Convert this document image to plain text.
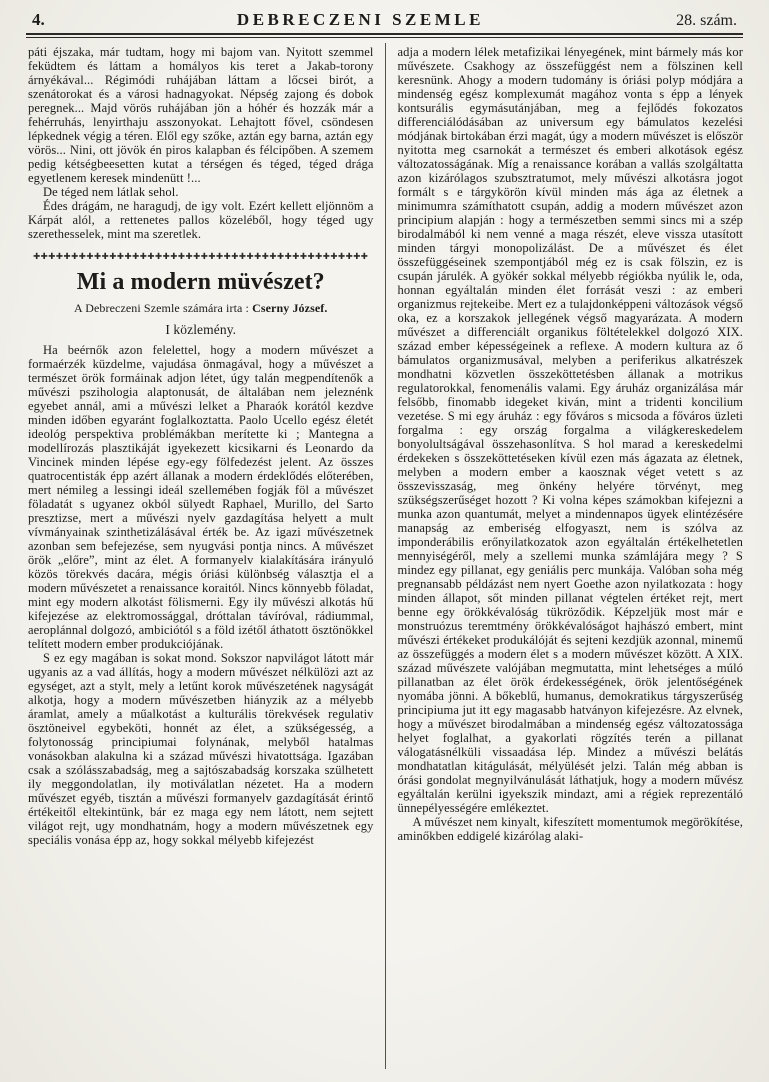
4.	DEBRECZENI SZEMLE	28. szám.

páti éjszaka, már tudtam, hogy mi bajom van. Nyitott szemmel feküdtem és láttam a homályos kis teret a Jakab-torony árnyékával... Régimódi ruhájában láttam a lőcsei birót, a szenátorokat és a városi hadnagyokat. Népség zajong és dobok peregnek... Majd vörös ruhájában jön a hóhér és hozzák már a fehérruhás, lenyirthaju asszonyokat. Lehajtott fővel, csöndesen lépkednek végig a téren. Elől egy szőke, aztán egy barna, aztán egy vörös... Nini, ott jövök én piros kalapban és félcipőben. A szemem pedig kétségbeesetten kutat a térségen és téged, téged drága egyetlenem keresek mindenütt !...

De téged nem látlak sehol.

Édes drágám, ne haragudj, de igy volt. Ezért kellett eljönnöm a Kárpát alól, a rettenetes pallos közeléből, hogy téged ugy szerethesselek, mint ma szeretlek.

✚✚✚✚✚✚✚✚✚✚✚✚✚✚✚✚✚✚✚✚✚✚✚✚✚✚✚✚✚✚✚✚✚✚✚✚✚✚✚✚✚✚✚✚
Mi a modern müvészet?
A Debreczeni Szemle számára irta : Cserny József.
I közlemény.

Ha beérnők azon felelettel, hogy a modern művészet a formaérzék küzdelme, vajudása önmagával, hogy a művészet a természet örök formáinak adjon létet, úgy talán megpendítenők a művészi pszihologia alaptonusát, de általában nem jeleznénk egyebet annál, ami a művészi lelket a Pharaók korától kezdve minden időben egyaránt foglalkoztatta. Paolo Ucello egész életét ideológ perspektiva problémákban merítette ki ; Mantegna a modellírozás plasztikáját igyekezett kicsikarni és Leonardo da Vincinek minden lépése egy-egy fölfedezést jelent. Az összes quatrocentisták épp azért állanak a modern érdeklődés előterében, mert némileg a lessingi ideál szellemében fogják föl a művészet föladatát s ugyanez okból sülyedt Raphael, Murillo, del Sarto presztizse, mert a művészi nyelv gazdagítása helyett a mult vívmányainak szinthetizálásával érték be. Az igazi művészetnek azonban sem befejezése, sem nyugvási pontja nincs. A művészet örök „előre”, mint az élet. A formanyelv kialakítására irányuló közös törekvés dacára, mégis óriási különbség választja el a modern művészetet a renaissance koraitól. Nincs könnyebb föladat, mint egy modern alkotást fölismerni. Egy ily művészi alkotás hű kifejezése az elektromossággal, dróttalan távíróval, rádiummal, aeroplánnal dolgozó, ambiciótól s a föld izétől áthatott ösztönökkel telített modern ember produkciójának.

S ez egy magában is sokat mond. Sokszor napvilágot látott már ugyanis az a vad állítás, hogy a modern művészet nélkülözi azt az egységet, azt a stylt, mely a letűnt korok művészetének nagyságát alkotja, hogy a modern művészetben hiányzik az a mélyebb áramlat, amely a műalkotást a kulturális törekvések regulativ ösztöneivel egybeköti, honnét az élet, a szükségesség, a folytonosság principiumai folynának, melyből hatalmas vonásokban alakulna ki a század művészi hivatottsága. Igazában csak a szólásszabadság, meg a sajtószabadság korszaka szülhetett ily meggondolatlan, ily motiválatlan nézetet. Ha a modern művészet egyéb, tisztán a művészi formanyelv gazdagítását érintő értékeitől eltekintünk, bár ez maga egy nem látott, nem sejtett világot rejt, ugy mondhatnám, hogy a modern művészetnek egy speciális vonása épp az, hogy sokkal mélyebb kifejezést

adja a modern lélek metafizikai lényegének, mint bármely más kor művészete. Csakhogy az összefüggést nem a fölszinen kell keresnünk. Ahogy a modern tudomány is óriási polyp módjára a mindenség egész komplexumát magához vonta s épp a lények kontsurális egymásutánjában, meg a fejlődés fokozatos differenciálódásában az universum egy bámulatos kezelési módjának birtokában érzi magát, úgy a modern művészet is először nyitotta meg csarnokát a természet és emberi alkotások egész változatosságának. Míg a renaissance korában a vallás szolgáltatta azon kizárólagos szubsztratumot, mely művészi alkotásra jogot formált s e tárgykörön kívül minden más ága az életnek a minimumra számíthatott csupán, addig a modern művészet azon principium alapján : hogy a természetben semmi sincs mi a szép birodalmából ki nem venné a maga részét, eleve vissza utasított minden tárgyi monopolizálást. De a művészet és élet összefüggéseinek szempontjából még ez is csak fölszin, ez is csupán járulék. A gyökér sokkal mélyebb régiókba nyúlik le, oda, honnan egyáltalán minden élet forrását veszi : az emberi organizmus rejtekeibe. Mert ez a tulajdonképpeni változások végső oka, ez a korszakok jellegének végső magyarázata. A modern művészet a differenciált organikus föltételekkel dolgozó XIX. század ember képességeinek a reflexe. A modern kultura az ő bámulatos organizmusával, melyben a periferikus alkatrészek mondhatni közvetlen összeköttetésben állanak a motrikus regulatorokkal, fenomenális valami. Egy áruház organizálása már felsőbb, finomabb idegeket kiván, mint a tridenti koncilium vezetése. S mi egy áruház : egy főváros s micsoda a főváros üzleti forgalma : egy ország forgalma a világkereskedelem bonyolultságával összehasonlítva. S hol marad a kereskedelmi érdekeken s összeköttetéseken kívül ezen más ágazata az életnek, melyben a modern ember a kaosznak véget vetett s az összevisszaság, meg önkény helyére törvényt, meg szükségszerűséget hozott ? Ki volna képes számokban kifejezni a munka azon quantumát, melyet a mindennapos ügyek elintézésére manapság az emberiség elfogyaszt, nem is szólva az imponderábilis erőnyilatkozatok azon egyáltalán értékelhetetlen mennyiségéről, mely a szellemi munka számlájára megy ? S mindez egy pillanat, egy geniális perc munkája. Valóban soha még pregnansabb példázást nem nyert Goethe azon nyilatkozata : hogy minden állapot, sőt minden pillanat végtelen értéket rejt, mert benne egy örökkévalóság tükröződik. Képzeljük most már e monstruózus teremtmény örökkévalóságot hajhászó embert, mint művészi értékeket produkálóját és sejteni kezdjük azonnal, minemű az összefüggés a modern élet s a modern művészet között. A XIX. század művészete valójában megmutatta, mint lehetséges a múló pillanatban az élet örök érdekességének, örök jelentőségének nyomába jönni. A bőkeblű, humanus, demokratikus tárgyszerűség principiuma jut itt egy magasabb hatványon kifejezésre. Az elvnek, hogy a művészet birodalmában a mindenség egész változatossága helyet foglalhat, a gyakorlati rögzítés terén a pillanat válogatásnélküli vissaadása lép. Mindez a művészi belátás mondhatatlan kitágulását, mélyülését jelzi. Talán még abban is órási gondolat megnyilvánulását láthatjuk, hogy a modern művész egyáltalán kerülni igyekszik mindazt, ami a régiek reprezentáló ünnepélyességére emlékeztet.

A művészet nem kinyalt, kifeszített momentumok megörökítése, aminőkben eddigelé kizárólag alaki-
